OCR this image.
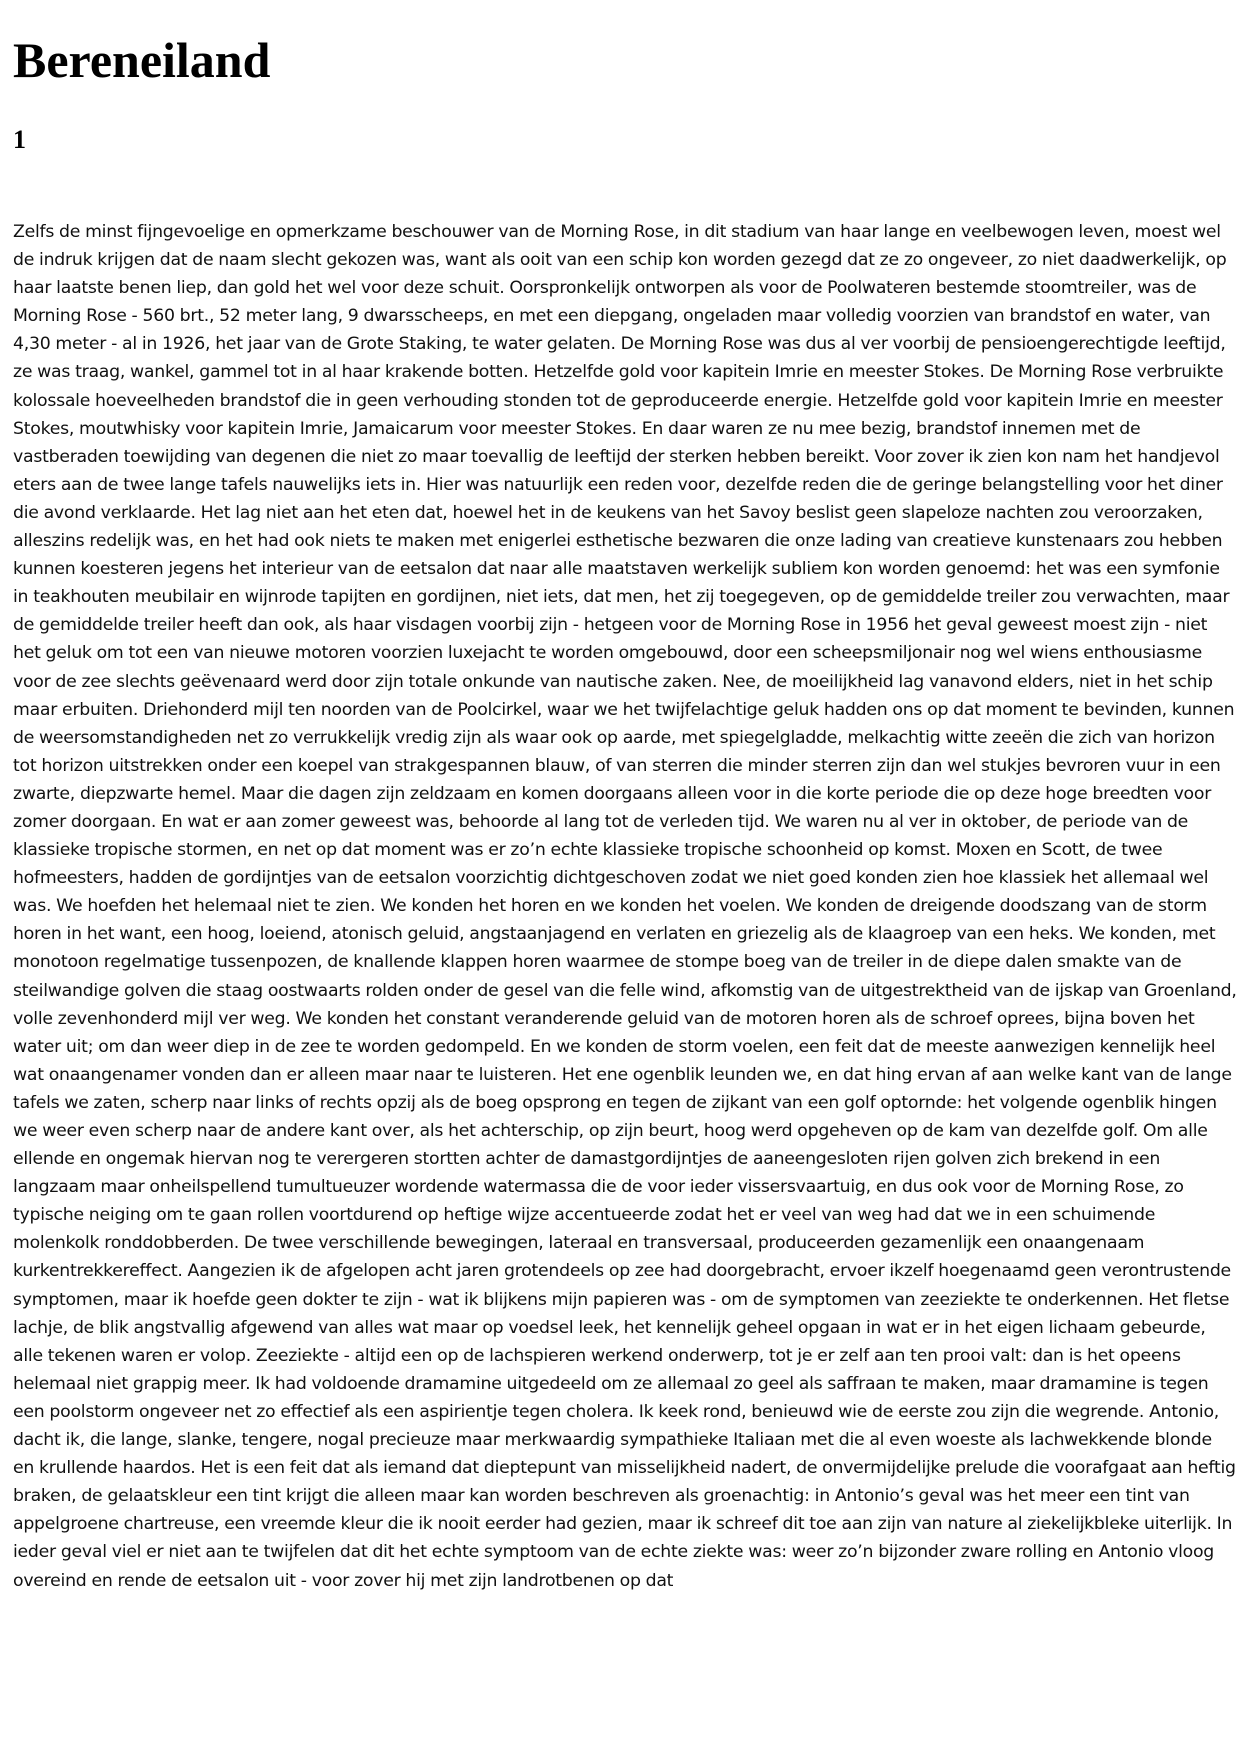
Bereneiland
1

Zelfs de minst fijngevoelige en opmerkzame beschouwer van de Morning Rose, in dit stadium van haar lange en veelbewogen leven, moest wel de indruk krijgen dat de naam slecht gekozen was, want als ooit van een schip kon worden gezegd dat ze zo ongeveer, zo niet daadwerkelijk, op haar laatste benen liep, dan gold het wel voor deze schuit. Oorspronkelijk ontworpen als voor de Poolwateren bestemde stoomtreiler, was de Morning Rose - 560 brt., 52 meter lang, 9 dwarsscheeps, en met een diepgang, ongeladen maar volledig voorzien van brandstof en water, van 4,30 meter - al in 1926, het jaar van de Grote Staking, te water gelaten. De Morning Rose was dus al ver voorbij de pensioengerechtigde leeftijd, ze was traag, wankel, gammel tot in al haar krakende botten. Hetzelfde gold voor kapitein Imrie en meester Stokes. De Morning Rose verbruikte kolossale hoeveelheden brandstof die in geen verhouding stonden tot de geproduceerde energie. Hetzelfde gold voor kapitein Imrie en meester Stokes, moutwhisky voor kapitein Imrie, Jamaicarum voor meester Stokes. En daar waren ze nu mee bezig, brandstof innemen met de vastberaden toewijding van degenen die niet zo maar toevallig de leeftijd der sterken hebben bereikt. Voor zover ik zien kon nam het handjevol eters aan de twee lange tafels nauwelijks iets in. Hier was natuurlijk een reden voor, dezelfde reden die de geringe belangstelling voor het diner die avond verklaarde. Het lag niet aan het eten dat, hoewel het in de keukens van het Savoy beslist geen slapeloze nachten zou veroorzaken, alleszins redelijk was, en het had ook niets te maken met enigerlei esthetische bezwaren die onze lading van creatieve kunstenaars zou hebben kunnen koesteren jegens het interieur van de eetsalon dat naar alle maatstaven werkelijk subliem kon worden genoemd: het was een symfonie in teakhouten meubilair en wijnrode tapijten en gordijnen, niet iets, dat men, het zij toegegeven, op de gemiddelde treiler zou verwachten, maar de gemiddelde treiler heeft dan ook, als haar visdagen voorbij zijn - hetgeen voor de Morning Rose in 1956 het geval geweest moest zijn - niet het geluk om tot een van nieuwe motoren voorzien luxejacht te worden omgebouwd, door een scheepsmiljonair nog wel wiens enthousiasme voor de zee slechts geëvenaard werd door zijn totale onkunde van nautische zaken. Nee, de moeilijkheid lag vanavond elders, niet in het schip maar erbuiten. Driehonderd mijl ten noorden van de Poolcirkel, waar we het twijfelachtige geluk hadden ons op dat moment te bevinden, kunnen de weersomstandigheden net zo verrukkelijk vredig zijn als waar ook op aarde, met spiegelgladde, melkachtig witte zeeën die zich van horizon tot horizon uitstrekken onder een koepel van strakgespannen blauw, of van sterren die minder sterren zijn dan wel stukjes bevroren vuur in een zwarte, diepzwarte hemel. Maar die dagen zijn zeldzaam en komen doorgaans alleen voor in die korte periode die op deze hoge breedten voor zomer doorgaan. En wat er aan zomer geweest was, behoorde al lang tot de verleden tijd. We waren nu al ver in oktober, de periode van de klassieke tropische stormen, en net op dat moment was er zo’n echte klassieke tropische schoonheid op komst. Moxen en Scott, de twee hofmeesters, hadden de gordijntjes van de eetsalon voorzichtig dichtgeschoven zodat we niet goed konden zien hoe klassiek het allemaal wel was. We hoefden het helemaal niet te zien. We konden het horen en we konden het voelen. We konden de dreigende doodszang van de storm horen in het want, een hoog, loeiend, atonisch geluid, angstaanjagend en verlaten en griezelig als de klaagroep van een heks. We konden, met monotoon regelmatige tussenpozen, de knallende klappen horen waarmee de stompe boeg van de treiler in de diepe dalen smakte van de steilwandige golven die staag oostwaarts rolden onder de gesel van die felle wind, afkomstig van de uitgestrektheid van de ijskap van Groenland, volle zevenhonderd mijl ver weg. We konden het constant veranderende geluid van de motoren horen als de schroef oprees, bijna boven het water uit; om dan weer diep in de zee te worden gedompeld. En we konden de storm voelen, een feit dat de meeste aanwezigen kennelijk heel wat onaangenamer vonden dan er alleen maar naar te luisteren. Het ene ogenblik leunden we, en dat hing ervan af aan welke kant van de lange tafels we zaten, scherp naar links of rechts opzij als de boeg opsprong en tegen de zijkant van een golf optornde: het volgende ogenblik hingen we weer even scherp naar de andere kant over, als het achterschip, op zijn beurt, hoog werd opgeheven op de kam van dezelfde golf. Om alle ellende en ongemak hiervan nog te verergeren stortten achter de damastgordijntjes de aaneengesloten rijen golven zich brekend in een langzaam maar onheilspellend tumultueuzer wordende watermassa die de voor ieder vissersvaartuig, en dus ook voor de Morning Rose, zo typische neiging om te gaan rollen voortdurend op heftige wijze accentueerde zodat het er veel van weg had dat we in een schuimende molenkolk ronddobberden. De twee verschillende bewegingen, lateraal en transversaal, produceerden gezamenlijk een onaangenaam kurkentrekkereffect. Aangezien ik de afgelopen acht jaren grotendeels op zee had doorgebracht, ervoer ikzelf hoegenaamd geen verontrustende symptomen, maar ik hoefde geen dokter te zijn - wat ik blijkens mijn papieren was - om de symptomen van zeeziekte te onderkennen. Het fletse lachje, de blik angstvallig afgewend van alles wat maar op voedsel leek, het kennelijk geheel opgaan in wat er in het eigen lichaam gebeurde, alle tekenen waren er volop. Zeeziekte - altijd een op de lachspieren werkend onderwerp, tot je er zelf aan ten prooi valt: dan is het opeens helemaal niet grappig meer. Ik had voldoende dramamine uitgedeeld om ze allemaal zo geel als saffraan te maken, maar dramamine is tegen een poolstorm ongeveer net zo effectief als een aspirientje tegen cholera. Ik keek rond, benieuwd wie de eerste zou zijn die wegrende. Antonio, dacht ik, die lange, slanke, tengere, nogal precieuze maar merkwaardig sympathieke Italiaan met die al even woeste als lachwekkende blonde en krullende haardos. Het is een feit dat als iemand dat dieptepunt van misselijkheid nadert, de onvermijdelijke prelude die voorafgaat aan heftig braken, de gelaatskleur een tint krijgt die alleen maar kan worden beschreven als groenachtig: in Antonio’s geval was het meer een tint van appelgroene chartreuse, een vreemde kleur die ik nooit eerder had gezien, maar ik schreef dit toe aan zijn van nature al ziekelijkbleke uiterlijk. In ieder geval viel er niet aan te twijfelen dat dit het echte symptoom van de echte ziekte was: weer zo’n bijzonder zware rolling en Antonio vloog overeind en rende de eetsalon uit - voor zover hij met zijn landrotbenen op dat
